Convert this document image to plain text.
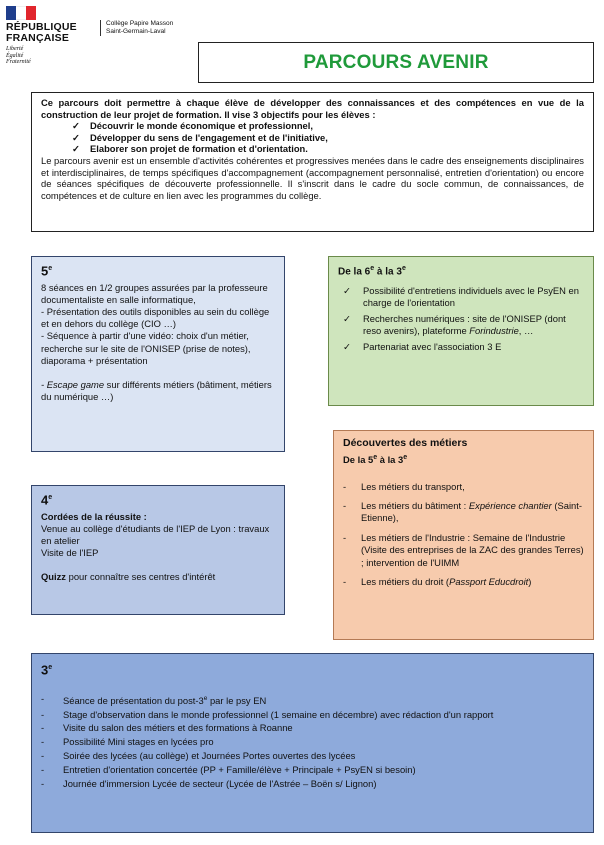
RÉPUBLIQUE
FRANÇAISE
Liberté
Égalité
Fraternité
Collège Papire Masson
Saint-Germain-Laval
PARCOURS AVENIR

Ce parcours doit permettre à chaque élève de développer des connaissances et des compétences en vue de la construction de leur projet de formation. Il vise 3 objectifs pour les élèves :

✓ Découvrir le monde économique et professionnel,
✓ Développer du sens de l'engagement et de l'initiative,
✓ Elaborer son projet de formation et d'orientation.

Le parcours avenir est un ensemble d'activités cohérentes et progressives menées dans le cadre des enseignements disciplinaires et interdisciplinaires, de temps spécifiques d'accompagnement (accompagnement personnalisé, entretien d'orientation) ou encore de séances spécifiques de découverte professionnelle. Il s'inscrit dans le cadre du socle commun, de connaissances, de compétences et de culture en lien avec les programmes du collège.

5e

8 séances en 1/2 groupes assurées par la professeure documentaliste en salle informatique,

- Présentation des outils disponibles au sein du collège et en dehors du collège (CIO …)

- Séquence à partir d'une vidéo: choix d'un métier, recherche sur le site de l'ONISEP (prise de notes), diaporama + présentation

- Escape game sur différents métiers (bâtiment, métiers du numérique …)

De la 6e à la 3e
✓	Possibilité d'entretiens individuels avec le PsyEN en charge de l'orientation
✓	Recherches numériques : site de l'ONISEP (dont reso avenirs), plateforme Forindustrie, …
✓	Partenariat avec l'association 3 E
Découvertes des métiers
De la 5e à la 3e
-	Les métiers du transport,
-	Les métiers du bâtiment : Expérience chantier (Saint-Etienne),
-	Les métiers de l'Industrie : Semaine de l'Industrie (Visite des entreprises de la ZAC des grandes Terres) ; intervention de l'UIMM
-	Les métiers du droit (Passport Educdroit)
4e

Cordées de la réussite :

Venue au collège d'étudiants de l'IEP de Lyon : travaux en atelier

Visite de l'IEP

Quizz pour connaître ses centres d'intérêt

3e
-	Séance de présentation du post-3e par le psy EN
-	Stage d'observation dans le monde professionnel (1 semaine en décembre) avec rédaction d'un rapport
-	Visite du salon des métiers et des formations à Roanne
-	Possibilité Mini stages en lycées pro
-	Soirée des lycées (au collège) et Journées Portes ouvertes des lycées
-	Entretien d'orientation concertée (PP + Famille/élève + Principale + PsyEN si besoin)
-	Journée d'immersion Lycée de secteur (Lycée de l'Astrée – Boën s/ Lignon)
